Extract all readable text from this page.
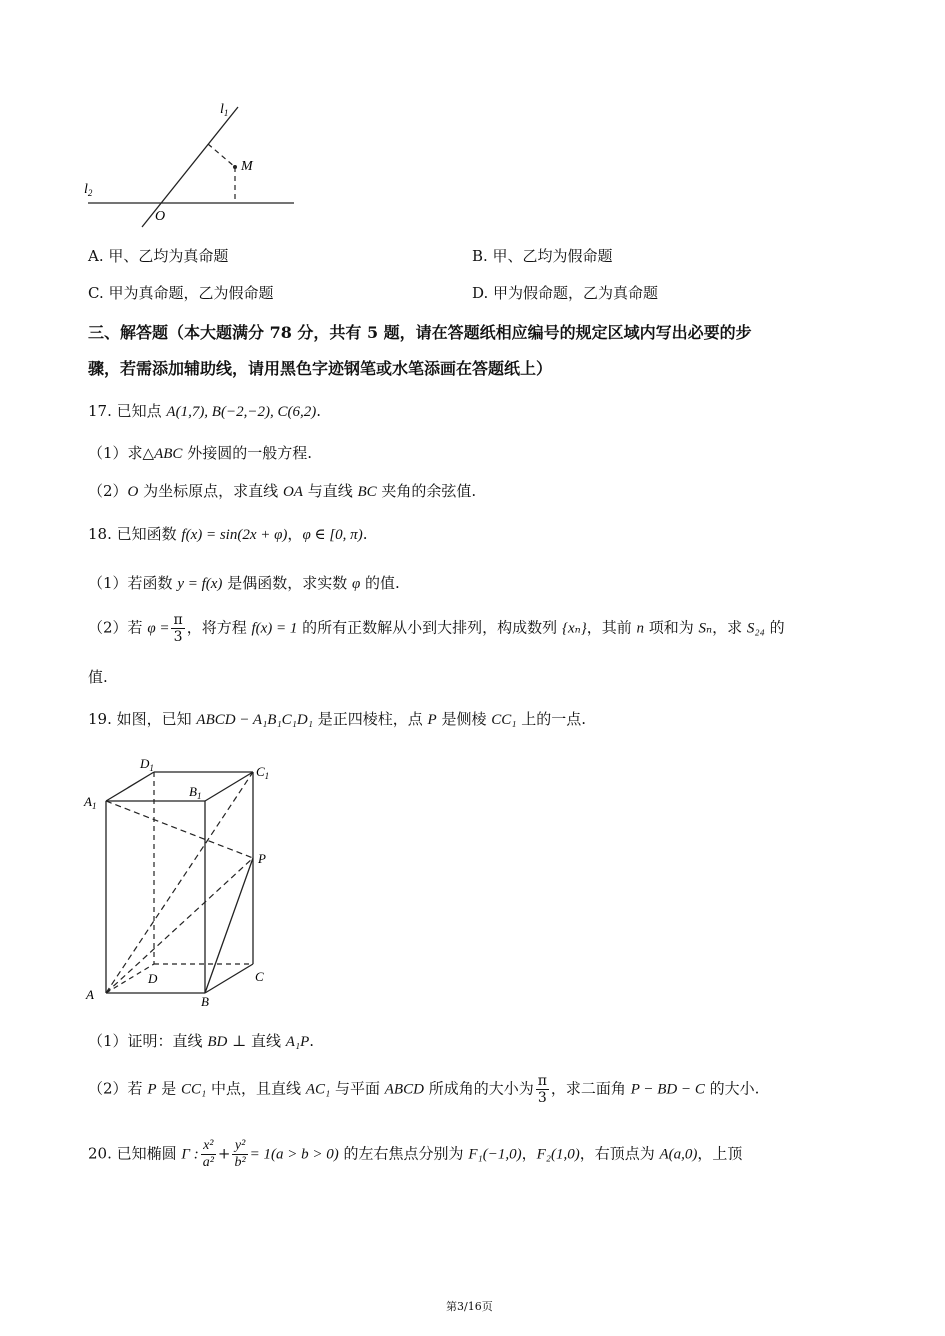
$l_1$
$l_2$
M
O
A. 甲、乙均为真命题	B. 甲、乙均为假命题
C. 甲为真命题，乙为假命题	D. 甲为假命题，乙为真命题
三、解答题（本大题满分 78 分，共有 5 题，请在答题纸相应编号的规定区域内写出必要的步
骤，若需添加辅助线，请用黑色字迹钢笔或水笔添画在答题纸上）
17. 已知点 A(1,7), B(−2,−2), C(6,2).
（1）求△ABC 外接圆的一般方程.
（2）O 为坐标原点，求直线 OA 与直线 BC 夹角的余弦值.
18. 已知函数 f(x) = sin(2x + φ)，φ ∈ [0, π).
（1）若函数 y = f(x) 是偶函数，求实数 φ 的值.
（2）若 $\varphi = \frac{\pi}{3}$ ，将方程 f(x) = 1 的所有正数解从小到大排列，构成数列 {xₙ}，其前 n 项和为 Sₙ，求 S₂₄ 的
值.
19. 如图，已知 ABCD − A₁B₁C₁D₁ 是正四棱柱，点 P 是侧棱 CC₁ 上的一点.
$D_1$	$C_1$
$B_1$
$A_1$
P
D	C
A	B
（1）证明：直线 BD ⊥ 直线 A₁P.
（2）若 P 是 CC₁ 中点，且直线 AC₁ 与平面 ABCD 所成角的大小为 $\frac{\pi}{3}$ ，求二面角 P − BD − C 的大小.
20. 已知椭圆 Γ : $\frac{\text{x²}}{\text{a²}} + \frac{\text{y²}}{\text{b²}} = 1(a > b > 0)$ 的左右焦点分别为 F₁(−1,0)，F₂(1,0)，右顶点为 A(a,0)，上顶
第3/16页
